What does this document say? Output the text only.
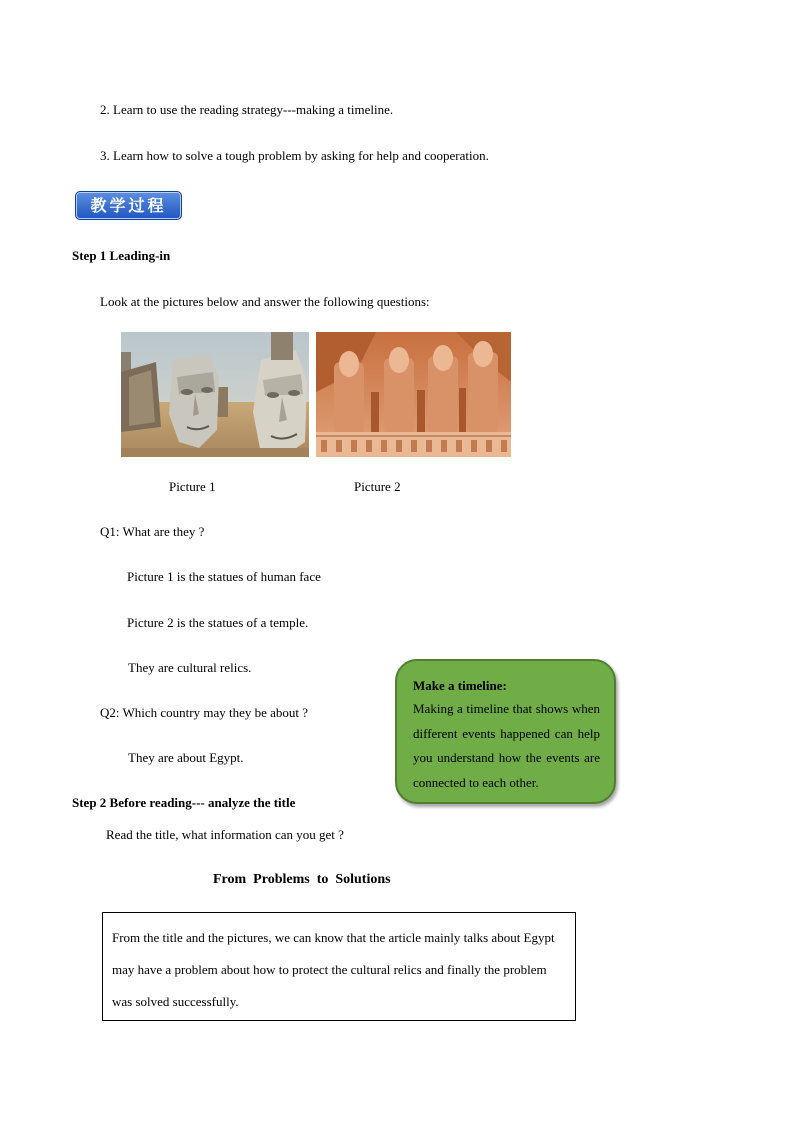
2. Learn to use the reading strategy---making a timeline.
3. Learn how to solve a tough problem by asking for help and cooperation.
教学过程
Step 1 Leading-in
Look at the pictures below and answer the following questions:
Picture 1	Picture 2
Q1: What are they ?
Picture 1 is the statues of human face
Picture 2 is the statues of a temple.
They are cultural relics.
Q2: Which country may they be about ?
They are about Egypt.
Make a timeline:
Making a timeline that shows when different events happened can help you understand how the events are connected to each other.
Step 2 Before reading--- analyze the title
Read the title, what information can you get ?
From  Problems  to  Solutions
From the title and the pictures, we can know that the article mainly talks about Egypt may have a problem about how to protect the cultural relics and finally the problem was solved successfully.
